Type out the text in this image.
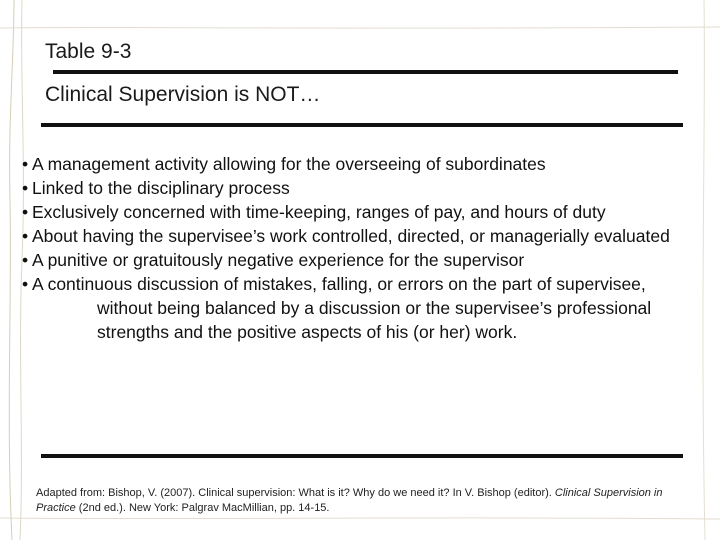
Table 9-3
Clinical Supervision is NOT…
• A management activity allowing for the overseeing of subordinates
• Linked to the disciplinary process
• Exclusively concerned with time-keeping, ranges of pay, and hours of duty
• About having the supervisee’s work controlled, directed, or managerially evaluated
• A punitive or gratuitously negative experience for the supervisor
• A continuous discussion of mistakes, falling, or errors on the part of supervisee, without being balanced by a discussion or the supervisee’s professional strengths and the positive aspects of his (or her) work.
Adapted from: Bishop, V. (2007). Clinical supervision: What is it? Why do we need it? In V. Bishop (editor). Clinical Supervision in Practice (2nd ed.). New York: Palgrav MacMillian, pp. 14-15.
